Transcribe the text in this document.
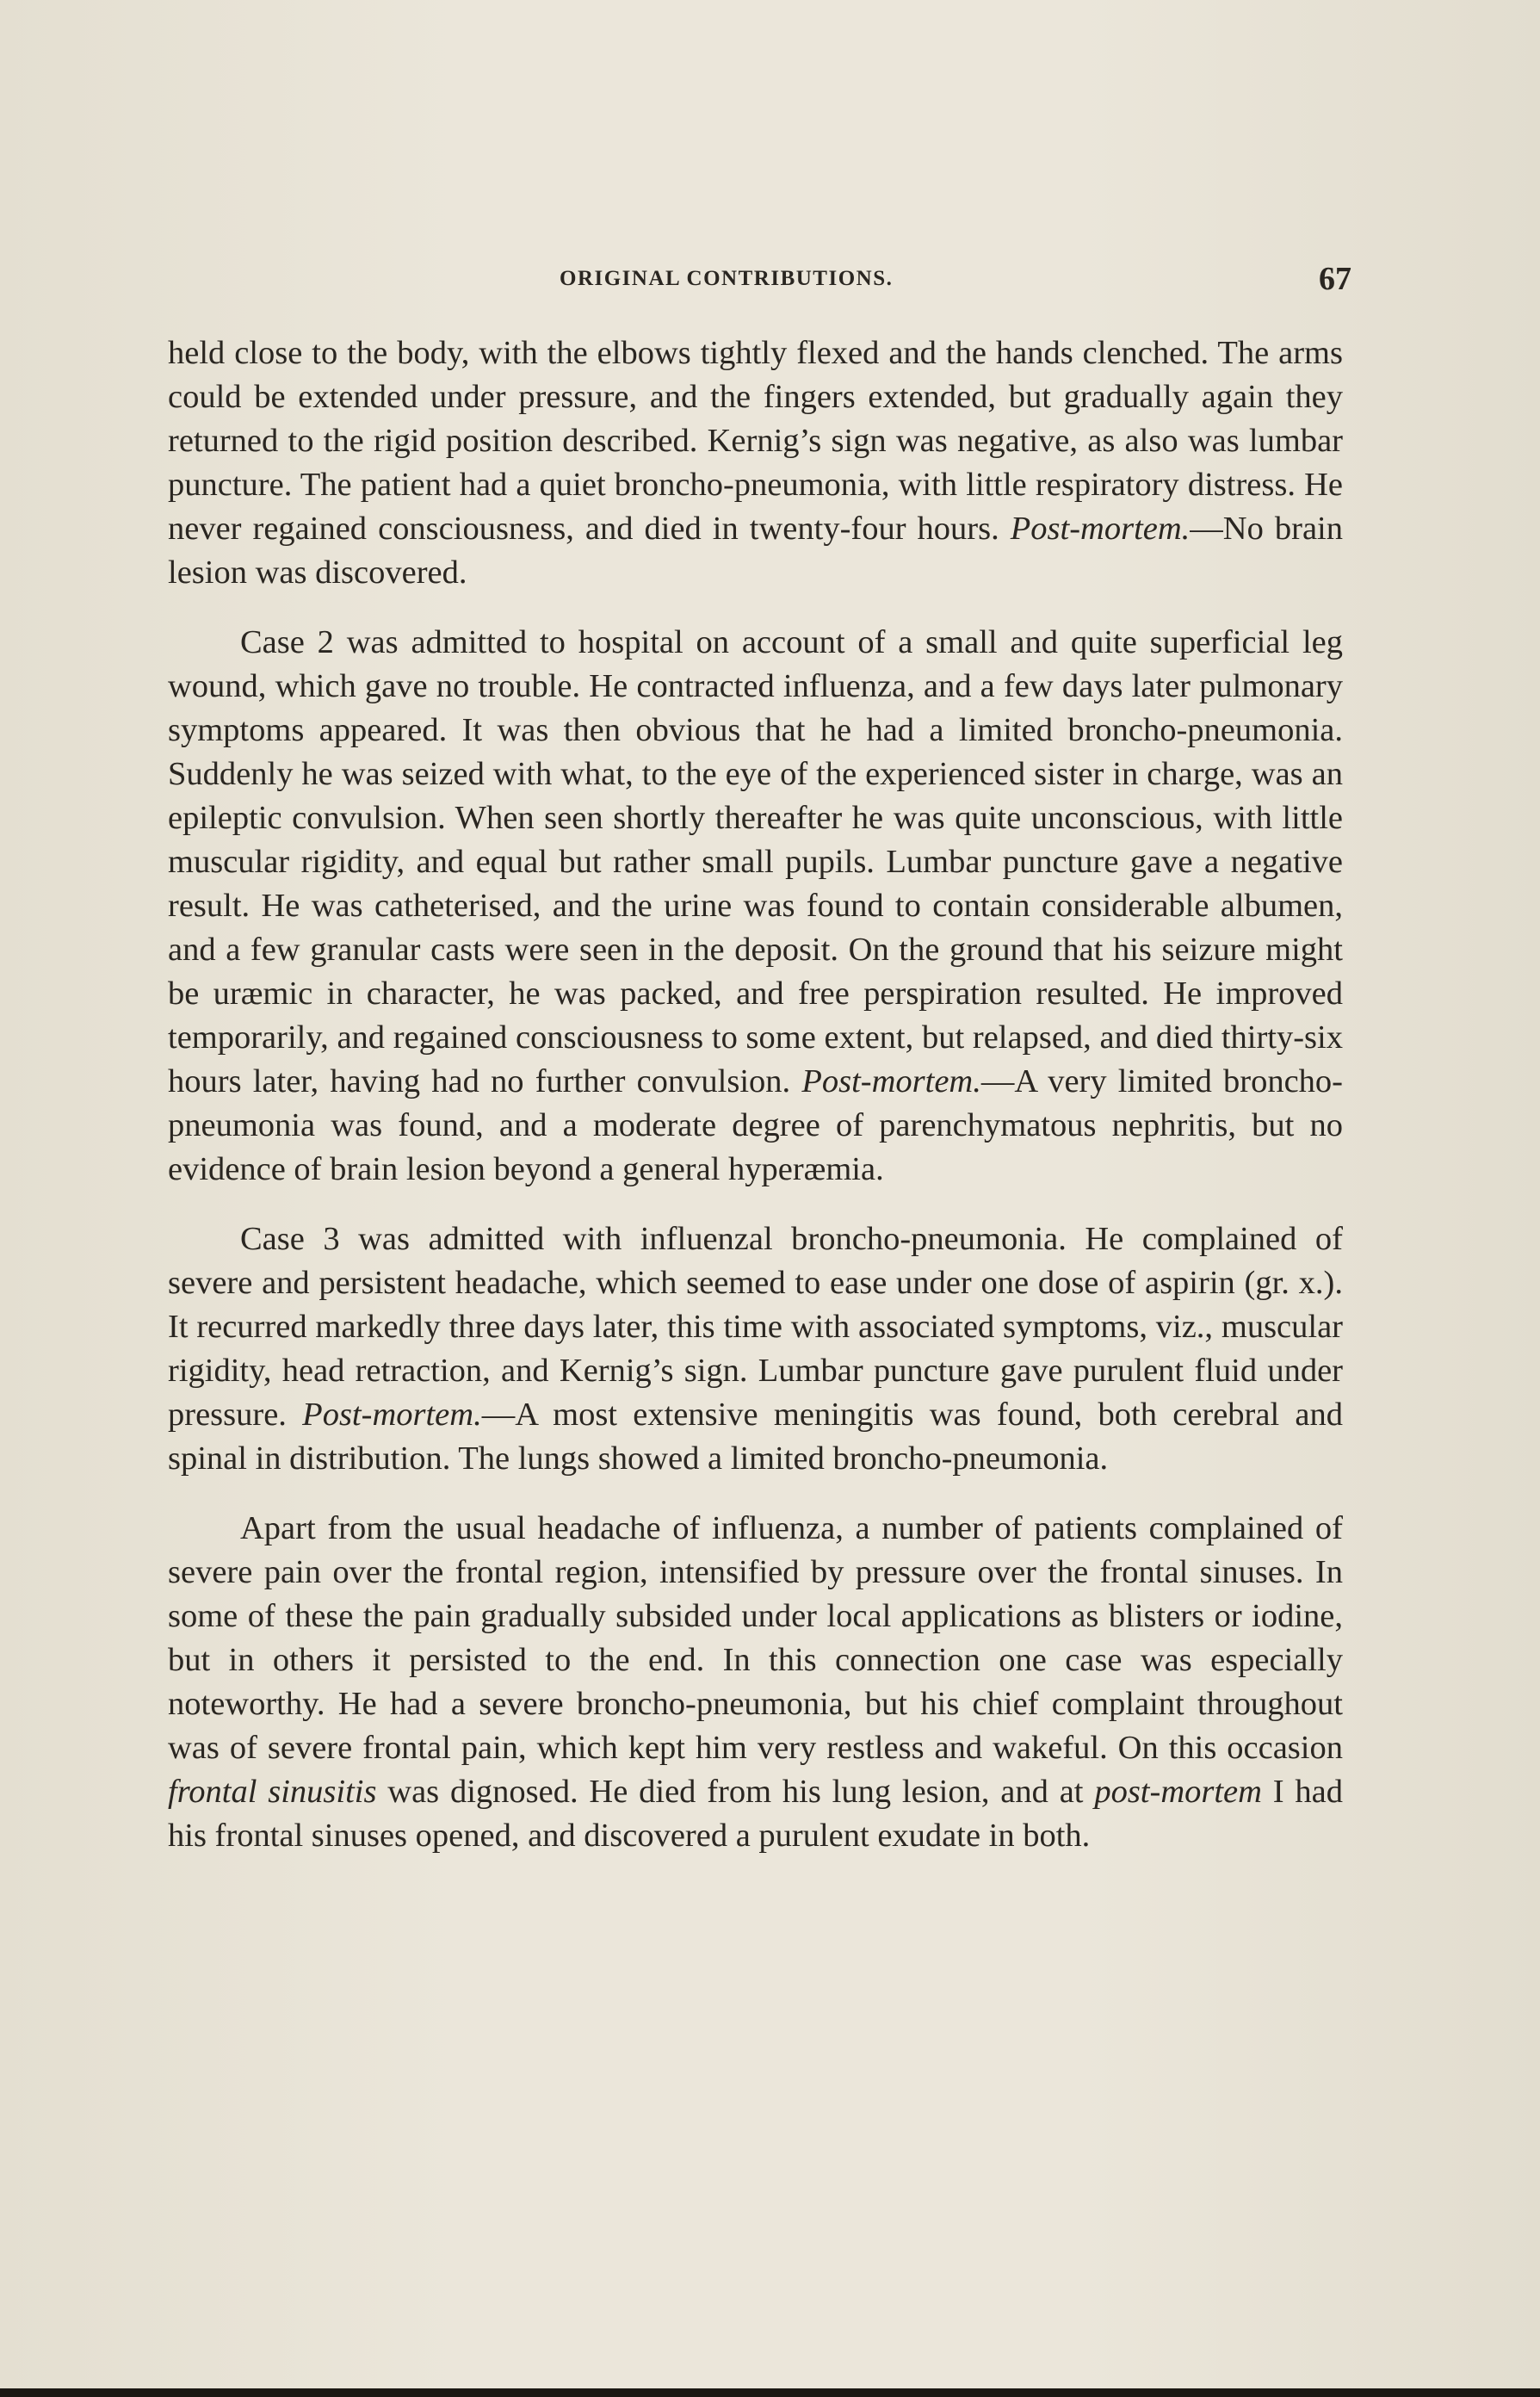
ORIGINAL CONTRIBUTIONS.	67

held close to the body, with the elbows tightly flexed and the hands clenched. The arms could be extended under pressure, and the fingers extended, but gradually again they returned to the rigid position described. Kernig’s sign was negative, as also was lumbar puncture. The patient had a quiet broncho-pneumonia, with little respiratory distress. He never regained consciousness, and died in twenty-four hours. Post-mortem.—No brain lesion was discovered.

Case 2 was admitted to hospital on account of a small and quite superficial leg wound, which gave no trouble. He contracted influenza, and a few days later pulmonary symptoms appeared. It was then obvious that he had a limited broncho-pneumonia. Suddenly he was seized with what, to the eye of the experienced sister in charge, was an epileptic convulsion. When seen shortly thereafter he was quite unconscious, with little muscular rigidity, and equal but rather small pupils. Lumbar puncture gave a negative result. He was catheterised, and the urine was found to contain considerable albumen, and a few granular casts were seen in the deposit. On the ground that his seizure might be uræmic in character, he was packed, and free perspiration resulted. He improved temporarily, and regained consciousness to some extent, but relapsed, and died thirty-six hours later, having had no further convulsion. Post-mortem.—A very limited broncho-pneumonia was found, and a moderate degree of parenchymatous nephritis, but no evidence of brain lesion beyond a general hyperæmia.

Case 3 was admitted with influenzal broncho-pneumonia. He complained of severe and persistent headache, which seemed to ease under one dose of aspirin (gr. x.). It recurred markedly three days later, this time with associated symptoms, viz., muscular rigidity, head retraction, and Kernig’s sign. Lumbar puncture gave purulent fluid under pressure. Post-mortem.—A most extensive meningitis was found, both cerebral and spinal in distribution. The lungs showed a limited broncho-pneumonia.

Apart from the usual headache of influenza, a number of patients complained of severe pain over the frontal region, intensified by pressure over the frontal sinuses. In some of these the pain gradually subsided under local applications as blisters or iodine, but in others it persisted to the end. In this connection one case was especially noteworthy. He had a severe broncho-pneumonia, but his chief complaint throughout was of severe frontal pain, which kept him very restless and wakeful. On this occasion frontal sinusitis was dignosed. He died from his lung lesion, and at post-mortem I had his frontal sinuses opened, and discovered a purulent exudate in both.
